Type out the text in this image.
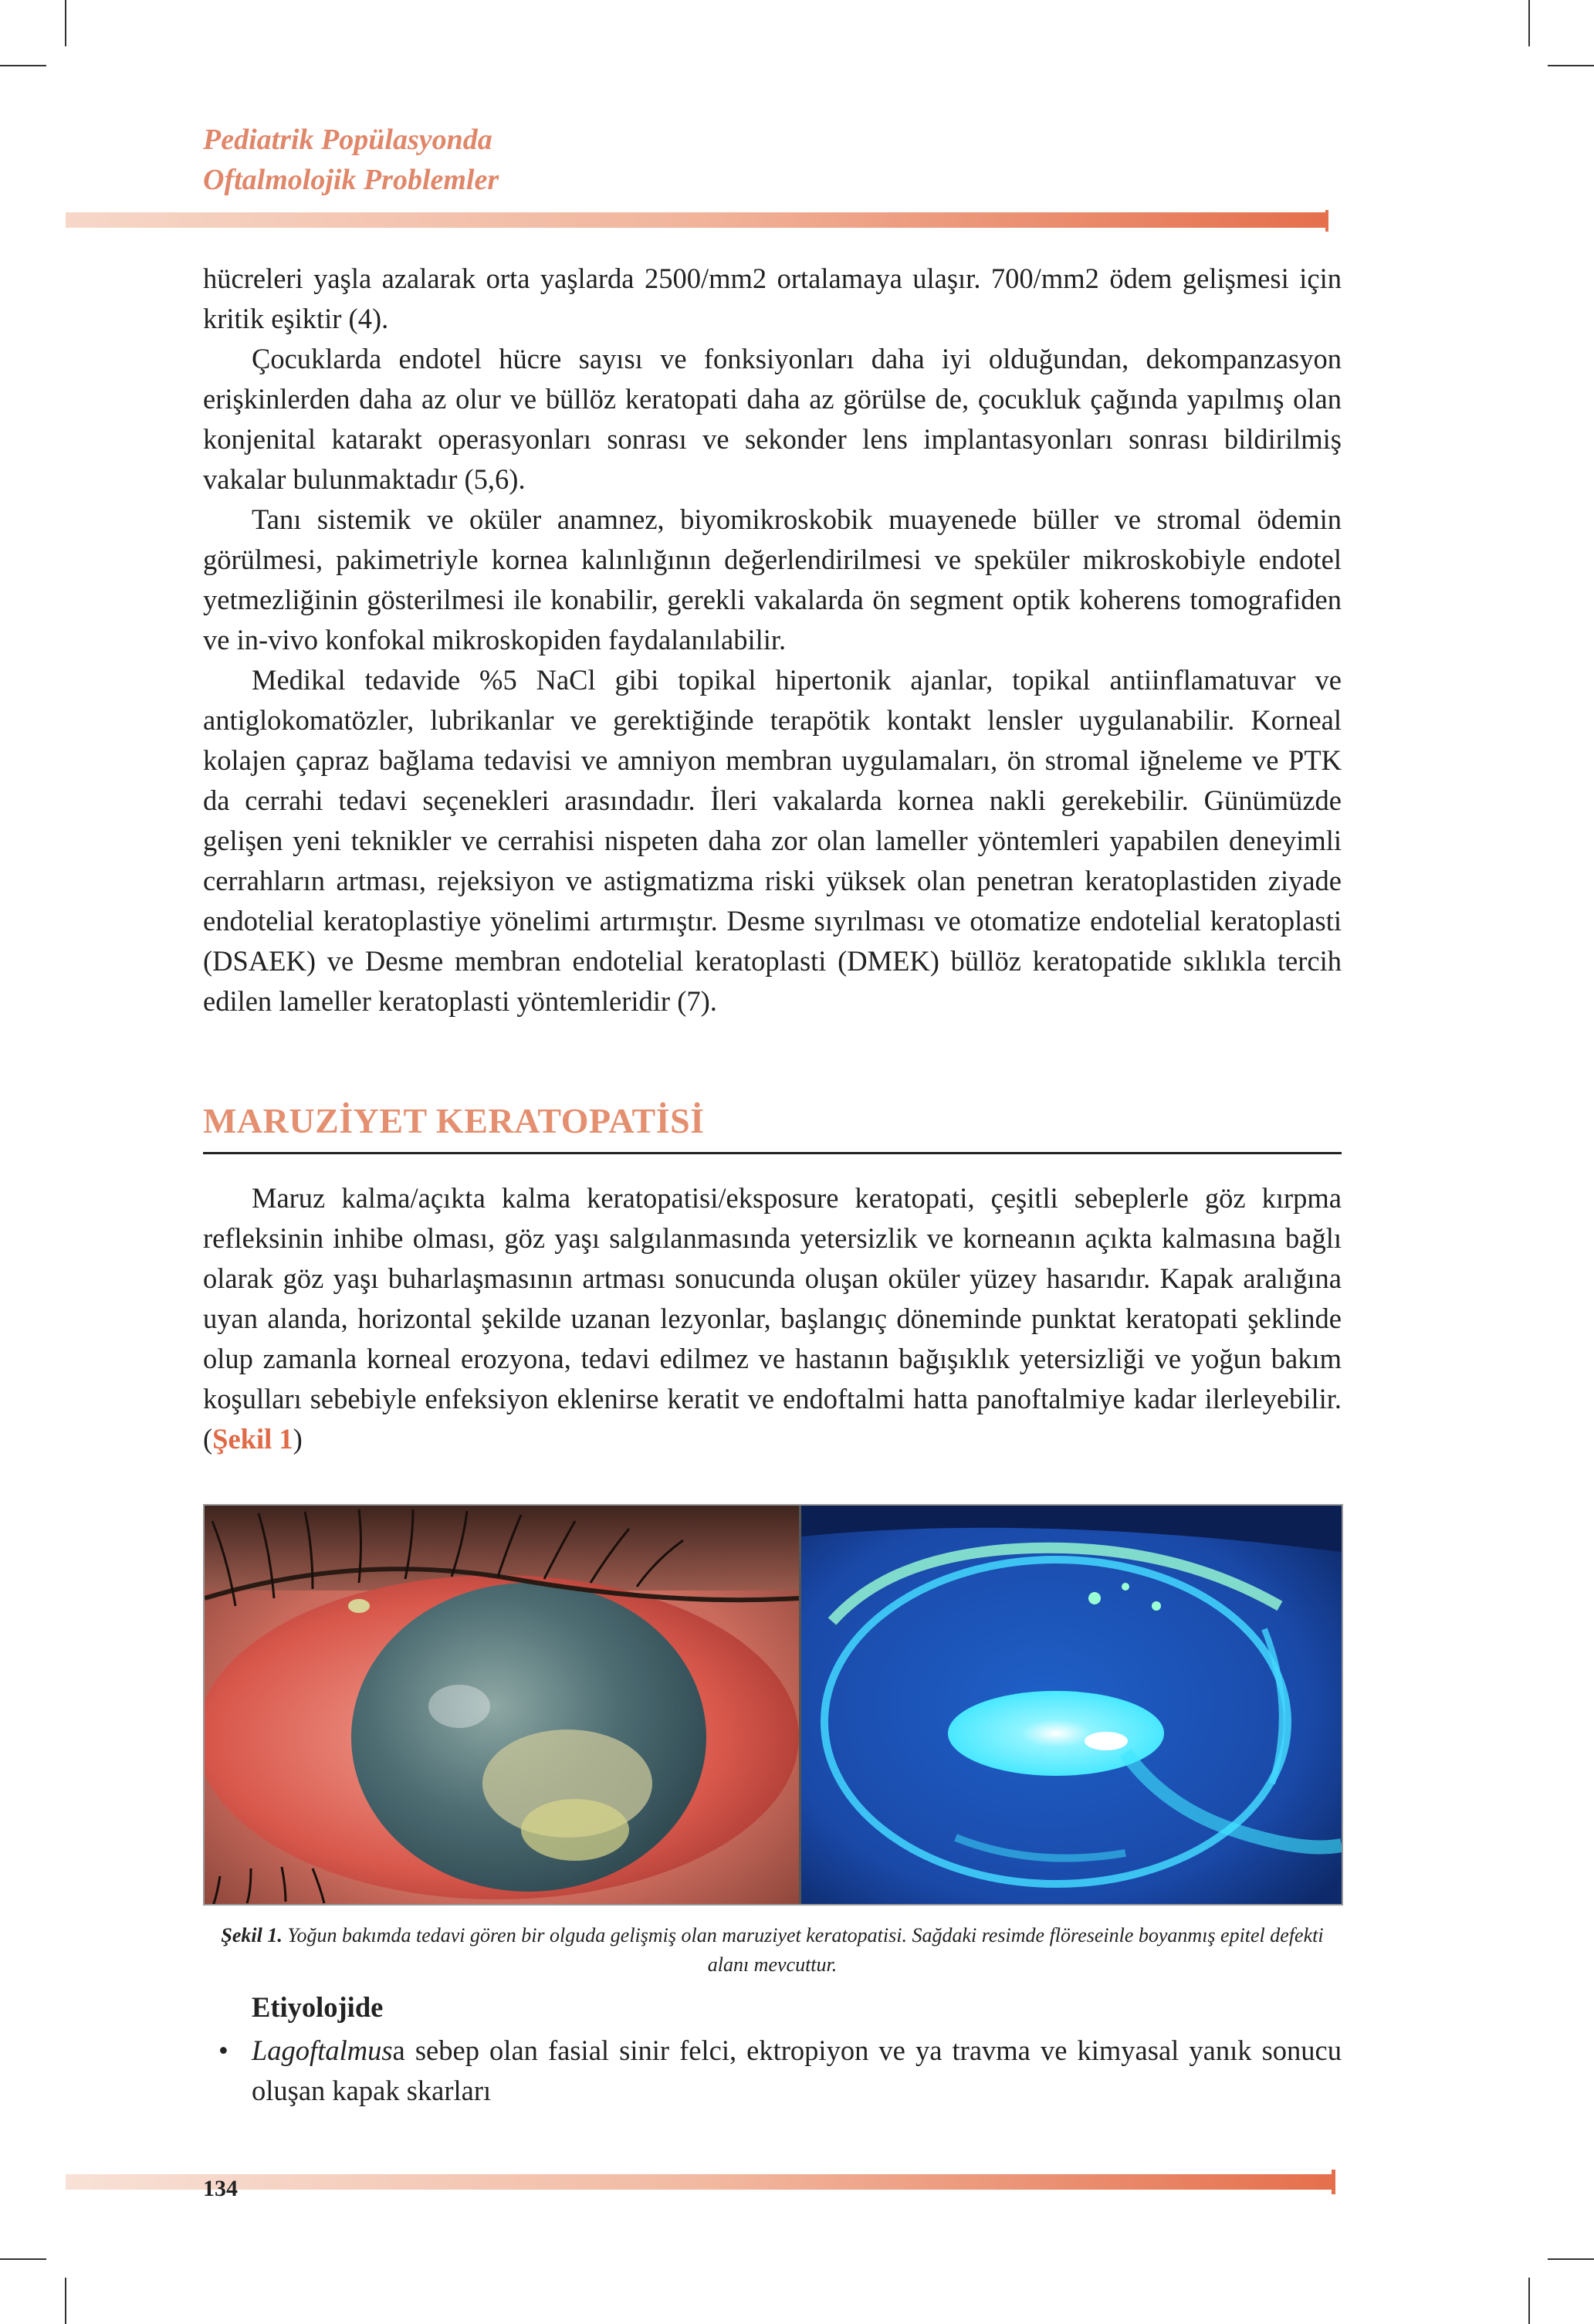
Pediatrik Popülasyonda
Oftalmolojik Problemler

hücreleri yaşla azalarak orta yaşlarda 2500/mm2 ortalamaya ulaşır. 700/mm2 ödem gelişmesi için kritik eşiktir (4).

Çocuklarda endotel hücre sayısı ve fonksiyonları daha iyi olduğundan, dekompanzasyon erişkinlerden daha az olur ve büllöz keratopati daha az görülse de, çocukluk çağında yapılmış olan konjenital katarakt operasyonları sonrası ve sekonder lens implantasyonları sonrası bildirilmiş vakalar bulunmaktadır (5,6).

Tanı sistemik ve oküler anamnez, biyomikroskobik muayenede büller ve stromal ödemin görülmesi, pakimetriyle kornea kalınlığının değerlendirilmesi ve speküler mikroskobiyle endotel yetmezliğinin gösterilmesi ile konabilir, gerekli vakalarda ön segment optik koherens tomografiden ve in-vivo konfokal mikroskopiden faydalanılabilir.

Medikal tedavide %5 NaCl gibi topikal hipertonik ajanlar, topikal antiinflamatuvar ve antiglokomatözler, lubrikanlar ve gerektiğinde terapötik kontakt lensler uygulanabilir. Korneal kolajen çapraz bağlama tedavisi ve amniyon membran uygulamaları, ön stromal iğneleme ve PTK da cerrahi tedavi seçenekleri arasındadır. İleri vakalarda kornea nakli gerekebilir. Günümüzde gelişen yeni teknikler ve cerrahisi nispeten daha zor olan lameller yöntemleri yapabilen deneyimli cerrahların artması, rejeksiyon ve astigmatizma riski yüksek olan penetran keratoplastiden ziyade endotelial keratoplastiye yönelimi artırmıştır. Desme sıyrılması ve otomatize endotelial keratoplasti (DSAEK) ve Desme membran endotelial keratoplasti (DMEK) büllöz keratopatide sıklıkla tercih edilen lameller keratoplasti yöntemleridir (7).

MARUZİYET KERATOPATİSİ

Maruz kalma/açıkta kalma keratopatisi/eksposure keratopati, çeşitli sebeplerle göz kırpma refleksinin inhibe olması, göz yaşı salgılanmasında yetersizlik ve korneanın açıkta kalmasına bağlı olarak göz yaşı buharlaşmasının artması sonucunda oluşan oküler yüzey hasarıdır. Kapak aralığına uyan alanda, horizontal şekilde uzanan lezyonlar, başlangıç döneminde punktat keratopati şeklinde olup zamanla korneal erozyona, tedavi edilmez ve hastanın bağışıklık yetersizliği ve yoğun bakım koşulları sebebiyle enfeksiyon eklenirse keratit ve endoftalmi hatta panoftalmiye kadar ilerleyebilir. (Şekil 1)

Şekil 1. Yoğun bakımda tedavi gören bir olguda gelişmiş olan maruziyet keratopatisi. Sağdaki resimde flöreseinle boyanmış epitel defekti alanı mevcuttur.
Etiyolojide
• Lagoftalmusa sebep olan fasial sinir felci, ektropiyon ve ya travma ve kimyasal yanık sonucu oluşan kapak skarları
134
